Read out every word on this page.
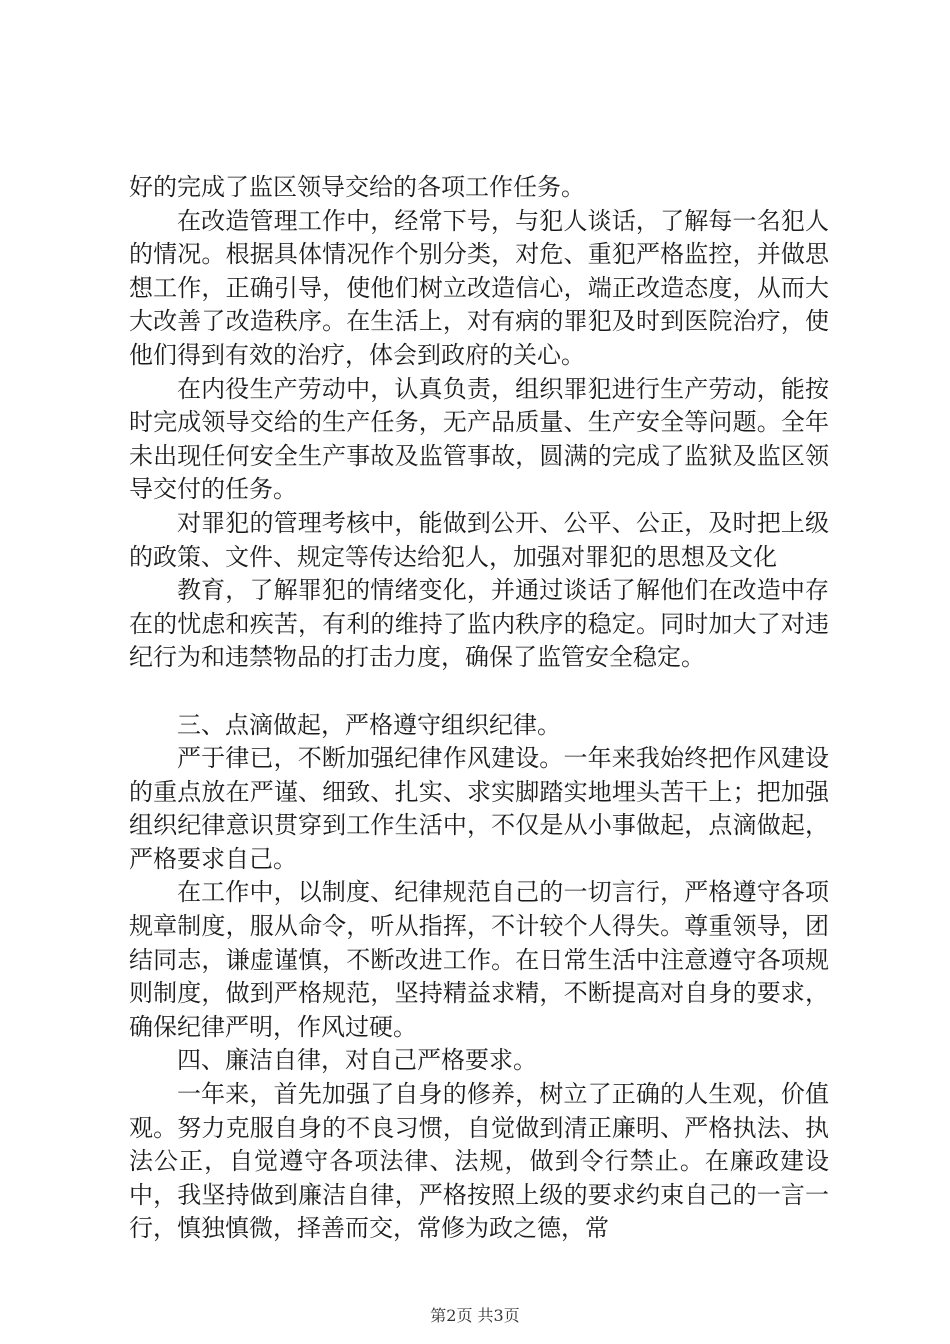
好的完成了监区领导交给的各项工作任务。

在改造管理工作中，经常下号，与犯人谈话，了解每一名犯人的情况。根据具体情况作个别分类，对危、重犯严格监控，并做思想工作，正确引导，使他们树立改造信心，端正改造态度，从而大大改善了改造秩序。在生活上，对有病的罪犯及时到医院治疗，使他们得到有效的治疗，体会到政府的关心。

在内役生产劳动中，认真负责，组织罪犯进行生产劳动，能按时完成领导交给的生产任务，无产品质量、生产安全等问题。全年未出现任何安全生产事故及监管事故，圆满的完成了监狱及监区领导交付的任务。

对罪犯的管理考核中，能做到公开、公平、公正，及时把上级的政策、文件、规定等传达给犯人，加强对罪犯的思想及文化

教育，了解罪犯的情绪变化，并通过谈话了解他们在改造中存在的忧虑和疾苦，有利的维持了监内秩序的稳定。同时加大了对违纪行为和违禁物品的打击力度，确保了监管安全稳定。

三、点滴做起，严格遵守组织纪律。

严于律已，不断加强纪律作风建设。一年来我始终把作风建设的重点放在严谨、细致、扎实、求实脚踏实地埋头苦干上；把加强组织纪律意识贯穿到工作生活中，不仅是从小事做起，点滴做起，严格要求自己。

在工作中，以制度、纪律规范自己的一切言行，严格遵守各项规章制度，服从命令，听从指挥，不计较个人得失。尊重领导，团结同志，谦虚谨慎，不断改进工作。在日常生活中注意遵守各项规则制度，做到严格规范，坚持精益求精，不断提高对自身的要求，确保纪律严明，作风过硬。

四、廉洁自律，对自己严格要求。

一年来，首先加强了自身的修养，树立了正确的人生观，价值观。努力克服自身的不良习惯，自觉做到清正廉明、严格执法、执法公正，自觉遵守各项法律、法规，做到令行禁止。在廉政建设中，我坚持做到廉洁自律，严格按照上级的要求约束自己的一言一行，慎独慎微，择善而交，常修为政之德，常

第2页 共3页
